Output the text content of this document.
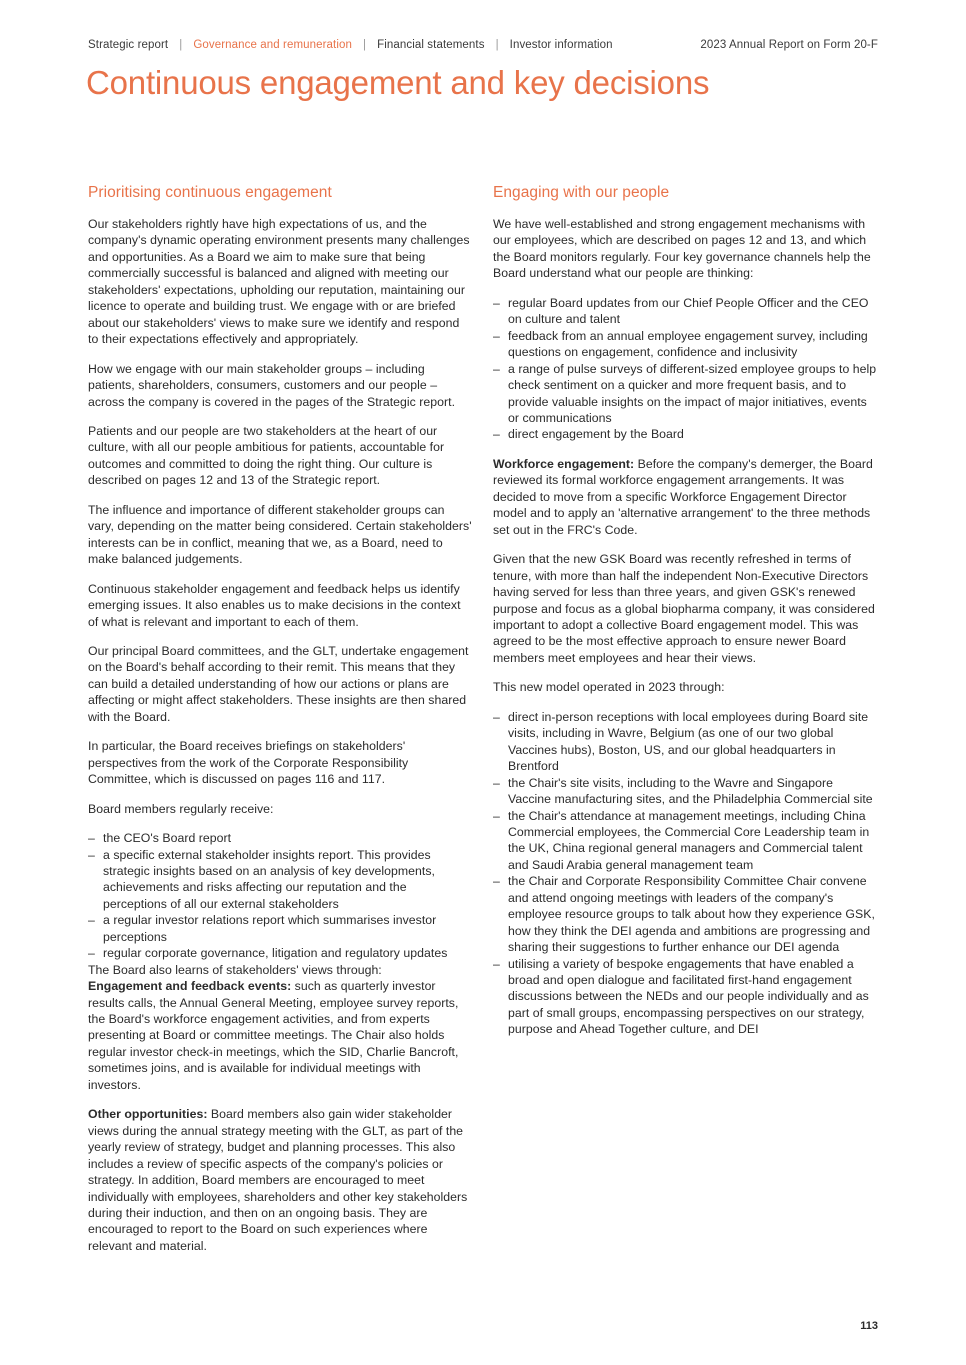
Strategic report | Governance and remuneration | Financial statements | Investor information	2023 Annual Report on Form 20-F
Continuous engagement and key decisions
Prioritising continuous engagement

Our stakeholders rightly have high expectations of us, and the company's dynamic operating environment presents many challenges and opportunities. As a Board we aim to make sure that being commercially successful is balanced and aligned with meeting our stakeholders' expectations, upholding our reputation, maintaining our licence to operate and building trust. We engage with or are briefed about our stakeholders' views to make sure we identify and respond to their expectations effectively and appropriately.

How we engage with our main stakeholder groups – including patients, shareholders, consumers, customers and our people – across the company is covered in the pages of the Strategic report.

Patients and our people are two stakeholders at the heart of our culture, with all our people ambitious for patients, accountable for outcomes and committed to doing the right thing. Our culture is described on pages 12 and 13 of the Strategic report.

The influence and importance of different stakeholder groups can vary, depending on the matter being considered. Certain stakeholders' interests can be in conflict, meaning that we, as a Board, need to make balanced judgements.

Continuous stakeholder engagement and feedback helps us identify emerging issues. It also enables us to make decisions in the context of what is relevant and important to each of them.

Our principal Board committees, and the GLT, undertake engagement on the Board's behalf according to their remit. This means that they can build a detailed understanding of how our actions or plans are affecting or might affect stakeholders. These insights are then shared with the Board.

In particular, the Board receives briefings on stakeholders' perspectives from the work of the Corporate Responsibility Committee, which is discussed on pages 116 and 117.

Board members regularly receive:

– the CEO's Board report
– a specific external stakeholder insights report. This provides strategic insights based on an analysis of key developments, achievements and risks affecting our reputation and the perceptions of all our external stakeholders
– a regular investor relations report which summarises investor perceptions
– regular corporate governance, litigation and regulatory updates

The Board also learns of stakeholders' views through:

Engagement and feedback events: such as quarterly investor results calls, the Annual General Meeting, employee survey reports, the Board's workforce engagement activities, and from experts presenting at Board or committee meetings. The Chair also holds regular investor check-in meetings, which the SID, Charlie Bancroft, sometimes joins, and is available for individual meetings with investors.

Other opportunities: Board members also gain wider stakeholder views during the annual strategy meeting with the GLT, as part of the yearly review of strategy, budget and planning processes. This also includes a review of specific aspects of the company's policies or strategy. In addition, Board members are encouraged to meet individually with employees, shareholders and other key stakeholders during their induction, and then on an ongoing basis. They are encouraged to report to the Board on such experiences where relevant and material.

Engaging with our people

We have well-established and strong engagement mechanisms with our employees, which are described on pages 12 and 13, and which the Board monitors regularly. Four key governance channels help the Board understand what our people are thinking:

– regular Board updates from our Chief People Officer and the CEO on culture and talent
– feedback from an annual employee engagement survey, including questions on engagement, confidence and inclusivity
– a range of pulse surveys of different-sized employee groups to help check sentiment on a quicker and more frequent basis, and to provide valuable insights on the impact of major initiatives, events or communications
– direct engagement by the Board

Workforce engagement: Before the company's demerger, the Board reviewed its formal workforce engagement arrangements. It was decided to move from a specific Workforce Engagement Director model and to apply an 'alternative arrangement' to the three methods set out in the FRC's Code.

Given that the new GSK Board was recently refreshed in terms of tenure, with more than half the independent Non-Executive Directors having served for less than three years, and given GSK's renewed purpose and focus as a global biopharma company, it was considered important to adopt a collective Board engagement model. This was agreed to be the most effective approach to ensure newer Board members meet employees and hear their views.

This new model operated in 2023 through:

– direct in-person receptions with local employees during Board site visits, including in Wavre, Belgium (as one of our two global Vaccines hubs), Boston, US, and our global headquarters in Brentford
– the Chair's site visits, including to the Wavre and Singapore Vaccine manufacturing sites, and the Philadelphia Commercial site
– the Chair's attendance at management meetings, including China Commercial employees, the Commercial Core Leadership team in the UK, China regional general managers and Commercial talent and Saudi Arabia general management team
– the Chair and Corporate Responsibility Committee Chair convene and attend ongoing meetings with leaders of the company's employee resource groups to talk about how they experience GSK, how they think the DEI agenda and ambitions are progressing and sharing their suggestions to further enhance our DEI agenda
– utilising a variety of bespoke engagements that have enabled a broad and open dialogue and facilitated first-hand engagement discussions between the NEDs and our people individually and as part of small groups, encompassing perspectives on our strategy, purpose and Ahead Together culture, and DEI
113
